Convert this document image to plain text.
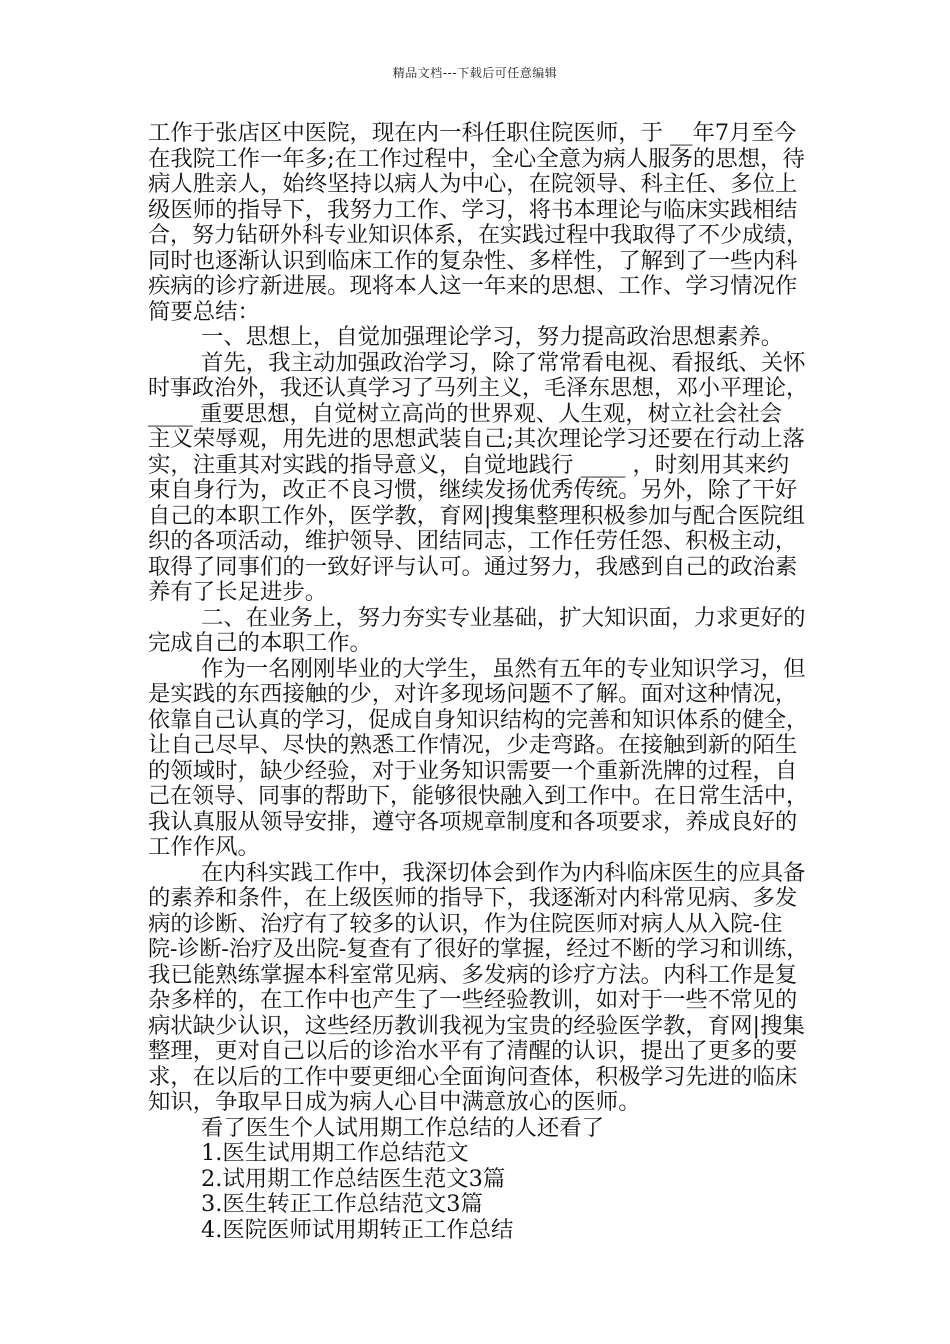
精品文档---下载后可任意编辑
工作于张店区中医院，现在内一科任职住院医师，于 __年7月至今
在我院工作一年多;在工作过程中，全心全意为病人服务的思想，待
病人胜亲人，始终坚持以病人为中心，在院领导、科主任、多位上
级医师的指导下，我努力工作、学习，将书本理论与临床实践相结
合，努力钻研外科专业知识体系，在实践过程中我取得了不少成绩，
同时也逐渐认识到临床工作的复杂性、多样性，了解到了一些内科
疾病的诊疗新进展。现将本人这一年来的思想、工作、学习情况作
简要总结：
一、思想上，自觉加强理论学习，努力提高政治思想素养。
首先，我主动加强政治学习，除了常常看电视、看报纸、关怀
时事政治外，我还认真学习了马列主义，毛泽东思想，邓小平理论，
____ 重要思想，自觉树立高尚的世界观、人生观，树立社会社会
主义荣辱观，用先进的思想武装自己;其次理论学习还要在行动上落
实，注重其对实践的指导意义，自觉地践行 ____ ，时刻用其来约
束自身行为，改正不良习惯，继续发扬优秀传统。另外，除了干好
自己的本职工作外，医学教，育网|搜集整理积极参加与配合医院组
织的各项活动，维护领导、团结同志，工作任劳任怨、积极主动，
取得了同事们的一致好评与认可。通过努力，我感到自己的政治素
养有了长足进步。
二、在业务上，努力夯实专业基础，扩大知识面，力求更好的
完成自己的本职工作。
作为一名刚刚毕业的大学生，虽然有五年的专业知识学习，但
是实践的东西接触的少，对许多现场问题不了解。面对这种情况，
依靠自己认真的学习，促成自身知识结构的完善和知识体系的健全，
让自己尽早、尽快的熟悉工作情况，少走弯路。在接触到新的陌生
的领域时，缺少经验，对于业务知识需要一个重新洗牌的过程，自
己在领导、同事的帮助下，能够很快融入到工作中。在日常生活中，
我认真服从领导安排，遵守各项规章制度和各项要求，养成良好的
工作作风。
在内科实践工作中，我深切体会到作为内科临床医生的应具备
的素养和条件，在上级医师的指导下，我逐渐对内科常见病、多发
病的诊断、治疗有了较多的认识，作为住院医师对病人从入院-住
院-诊断-治疗及出院-复查有了很好的掌握，经过不断的学习和训练，
我已能熟练掌握本科室常见病、多发病的诊疗方法。内科工作是复
杂多样的，在工作中也产生了一些经验教训，如对于一些不常见的
病状缺少认识，这些经历教训我视为宝贵的经验医学教，育网|搜集
整理，更对自己以后的诊治水平有了清醒的认识，提出了更多的要
求，在以后的工作中要更细心全面询问查体，积极学习先进的临床
知识，争取早日成为病人心目中满意放心的医师。
看了医生个人试用期工作总结的人还看了
1.医生试用期工作总结范文
2.试用期工作总结医生范文3篇
3.医生转正工作总结范文3篇
4.医院医师试用期转正工作总结
